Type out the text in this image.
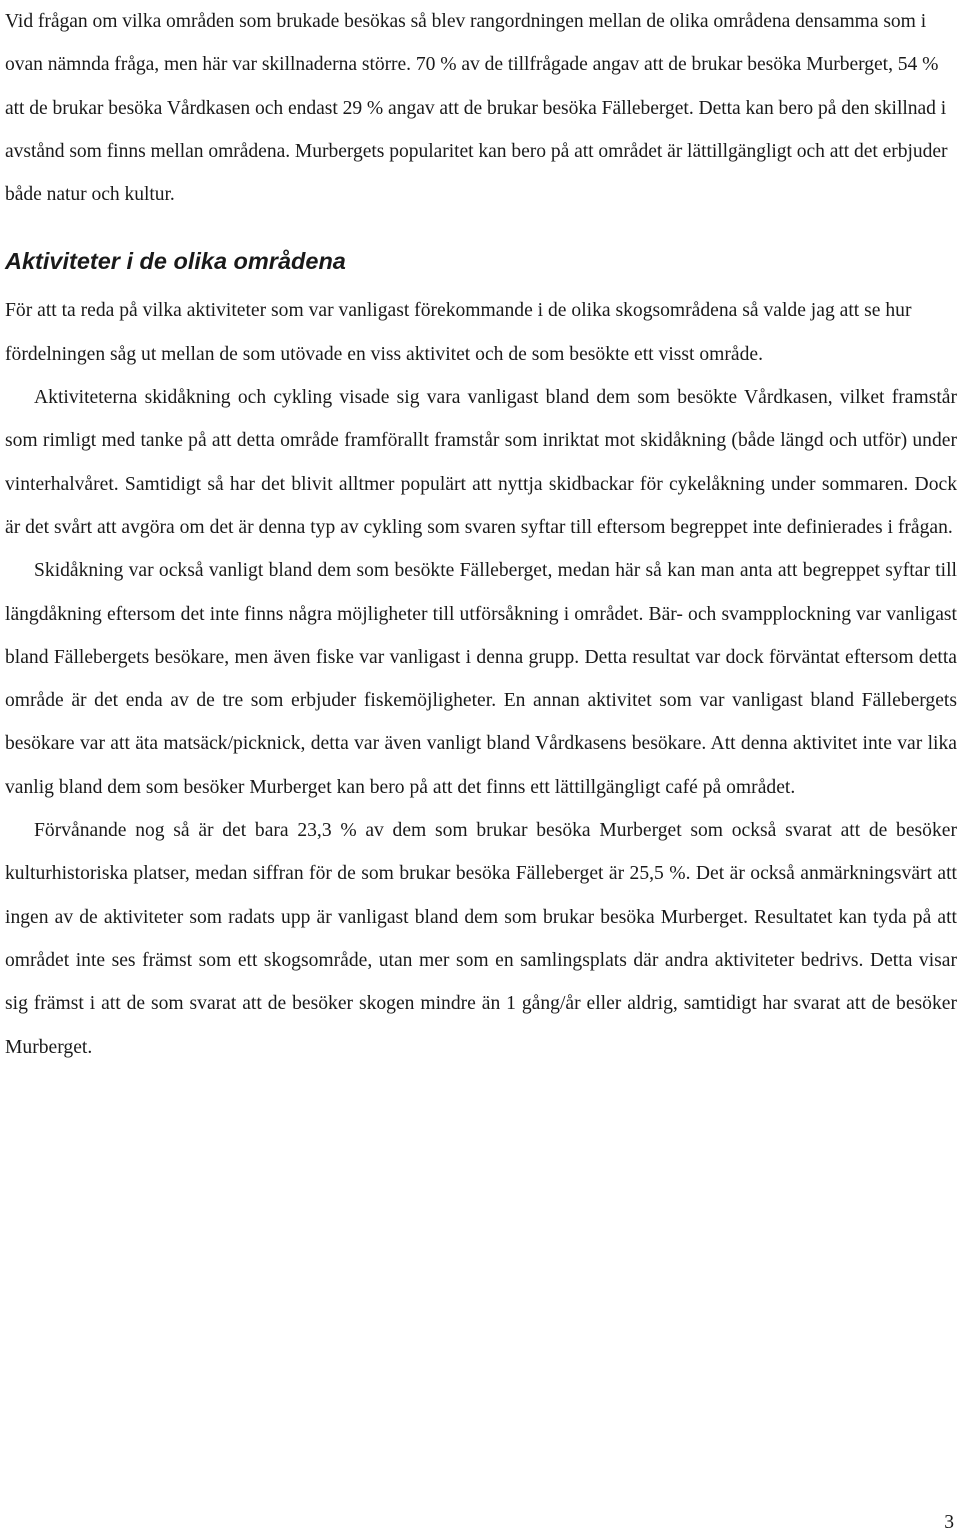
Vid frågan om vilka områden som brukade besökas så blev rangordningen mellan de olika områdena densamma som i ovan nämnda fråga, men här var skillnaderna större. 70 % av de tillfrågade angav att de brukar besöka Murberget, 54 % att de brukar besöka Vårdkasen och endast 29 % angav att de brukar besöka Fälleberget. Detta kan bero på den skillnad i avstånd som finns mellan områdena. Murbergets popularitet kan bero på att området är lättillgängligt och att det erbjuder både natur och kultur.

Aktiviteter i de olika områdena

För att ta reda på vilka aktiviteter som var vanligast förekommande i de olika skogsområdena så valde jag att se hur fördelningen såg ut mellan de som utövade en viss aktivitet och de som besökte ett visst område.

Aktiviteterna skidåkning och cykling visade sig vara vanligast bland dem som besökte Vårdkasen, vilket framstår som rimligt med tanke på att detta område framförallt framstår som inriktat mot skidåkning (både längd och utför) under vinterhalvåret. Samtidigt så har det blivit alltmer populärt att nyttja skidbackar för cykelåkning under sommaren. Dock är det svårt att avgöra om det är denna typ av cykling som svaren syftar till eftersom begreppet inte definierades i frågan.

Skidåkning var också vanligt bland dem som besökte Fälleberget, medan här så kan man anta att begreppet syftar till längdåkning eftersom det inte finns några möjligheter till utförsåkning i området. Bär- och svampplockning var vanligast bland Fällebergets besökare, men även fiske var vanligast i denna grupp. Detta resultat var dock förväntat eftersom detta område är det enda av de tre som erbjuder fiskemöjligheter. En annan aktivitet som var vanligast bland Fällebergets besökare var att äta matsäck/picknick, detta var även vanligt bland Vårdkasens besökare. Att denna aktivitet inte var lika vanlig bland dem som besöker Murberget kan bero på att det finns ett lättillgängligt café på området.

Förvånande nog så är det bara 23,3 % av dem som brukar besöka Murberget som också svarat att de besöker kulturhistoriska platser, medan siffran för de som brukar besöka Fälleberget är 25,5 %. Det är också anmärkningsvärt att ingen av de aktiviteter som radats upp är vanligast bland dem som brukar besöka Murberget. Resultatet kan tyda på att området inte ses främst som ett skogsområde, utan mer som en samlingsplats där andra aktiviteter bedrivs. Detta visar sig främst i att de som svarat att de besöker skogen mindre än 1 gång/år eller aldrig, samtidigt har svarat att de besöker Murberget.

3
